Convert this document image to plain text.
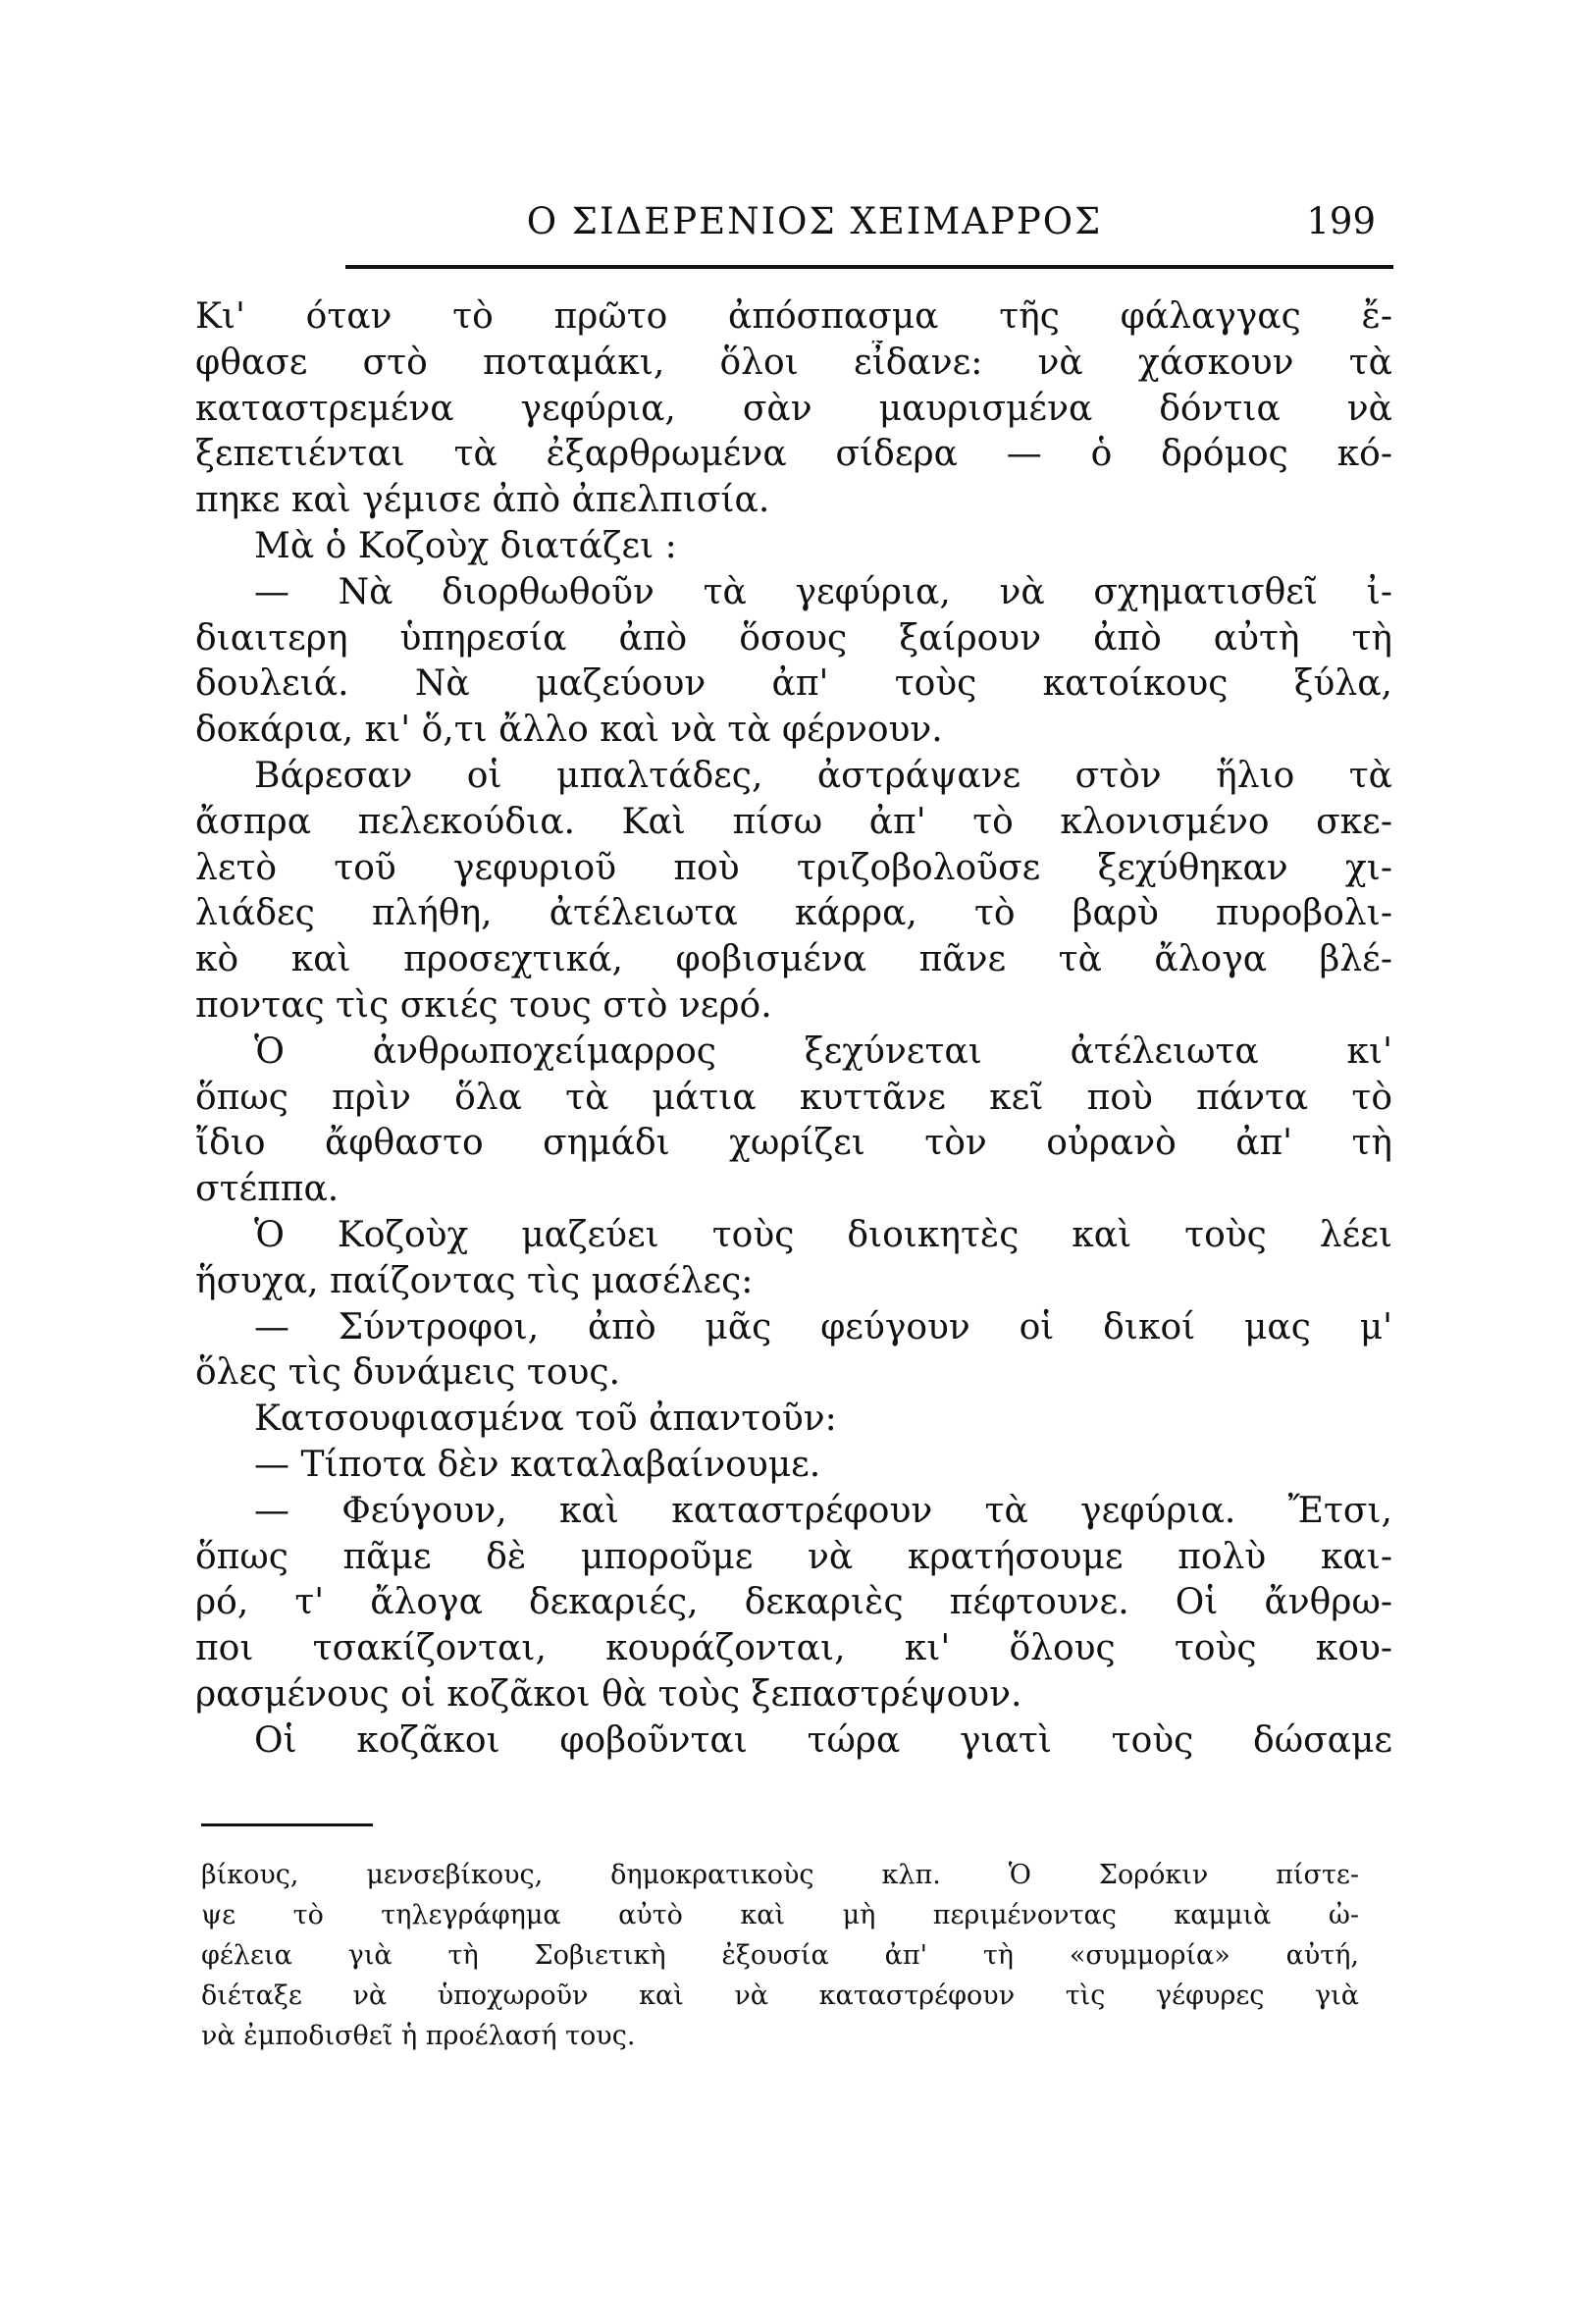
Ο ΣΙΔΕΡΕΝΙΟΣ ΧΕΙΜΑΡΡΟΣ	199
Κι' όταν τὸ πρῶτο ἀπόσπασμα τῆς φάλαγγας ἔ-
φθασε στὸ ποταμάκι, ὅλοι εἶδανε: νὰ χάσκουν τὰ
καταστρεμένα γεφύρια, σὰν μαυρισμένα δόντια νὰ
ξεπετιένται τὰ ἐξαρθρωμένα σίδερα — ὁ δρόμος κό-
πηκε καὶ γέμισε ἀπὸ ἀπελπισία.
Μὰ ὁ Κοζοὺχ διατάζει :
— Νὰ διορθωθοῦν τὰ γεφύρια, νὰ σχηματισθεῖ ἰ-
διαιτερη ὑπηρεσία ἀπὸ ὅσους ξαίρουν ἀπὸ αὐτὴ τὴ
δουλειά. Νὰ μαζεύουν ἀπ' τοὺς κατοίκους ξύλα,
δοκάρια, κι' ὅ,τι ἄλλο καὶ νὰ τὰ φέρνουν.
Βάρεσαν οἱ μπαλτάδες, ἀστράψανε στὸν ἥλιο τὰ
ἄσπρα πελεκούδια. Καὶ πίσω ἀπ' τὸ κλονισμένο σκε-
λετὸ τοῦ γεφυριοῦ ποὺ τριζοβολοῦσε ξεχύθηκαν χι-
λιάδες πλήθη, ἀτέλειωτα κάρρα, τὸ βαρὺ πυροβολι-
κὸ καὶ προσεχτικά, φοβισμένα πᾶνε τὰ ἄλογα βλέ-
ποντας τὶς σκιές τους στὸ νερό.
Ὁ ἀνθρωποχείμαρρος ξεχύνεται ἀτέλειωτα κι'
ὅπως πρὶν ὅλα τὰ μάτια κυττᾶνε κεῖ ποὺ πάντα τὸ
ἴδιο ἄφθαστο σημάδι χωρίζει τὸν οὐρανὸ ἀπ' τὴ
στέππα.
Ὁ Κοζοὺχ μαζεύει τοὺς διοικητὲς καὶ τοὺς λέει
ἥσυχα, παίζοντας τὶς μασέλες:
— Σύντροφοι, ἀπὸ μᾶς φεύγουν οἱ δικοί μας μ'
ὅλες τὶς δυνάμεις τους.
Κατσουφιασμένα τοῦ ἀπαντοῦν:
— Τίποτα δὲν καταλαβαίνουμε.
— Φεύγουν, καὶ καταστρέφουν τὰ γεφύρια. Ἔτσι,
ὅπως πᾶμε δὲ μποροῦμε νὰ κρατήσουμε πολὺ και-
ρό, τ' ἄλογα δεκαριές, δεκαριὲς πέφτουνε. Οἱ ἄνθρω-
ποι τσακίζονται, κουράζονται, κι' ὅλους τοὺς κου-
ρασμένους οἱ κοζᾶκοι θὰ τοὺς ξεπαστρέψουν.
Οἱ κοζᾶκοι φοβοῦνται τώρα γιατὶ τοὺς δώσαμε
βίκους, μενσεβίκους, δημοκρατικοὺς κλπ. Ὁ Σορόκιν πίστε-
ψε τὸ τηλεγράφημα αὐτὸ καὶ μὴ περιμένοντας καμμιὰ ὠ-
φέλεια γιὰ τὴ Σοβιετικὴ ἐξουσία ἀπ' τὴ «συμμορία» αὐτή,
διέταξε νὰ ὑποχωροῦν καὶ νὰ καταστρέφουν τὶς γέφυρες γιὰ
νὰ ἐμποδισθεῖ ἡ προέλασή τους.
